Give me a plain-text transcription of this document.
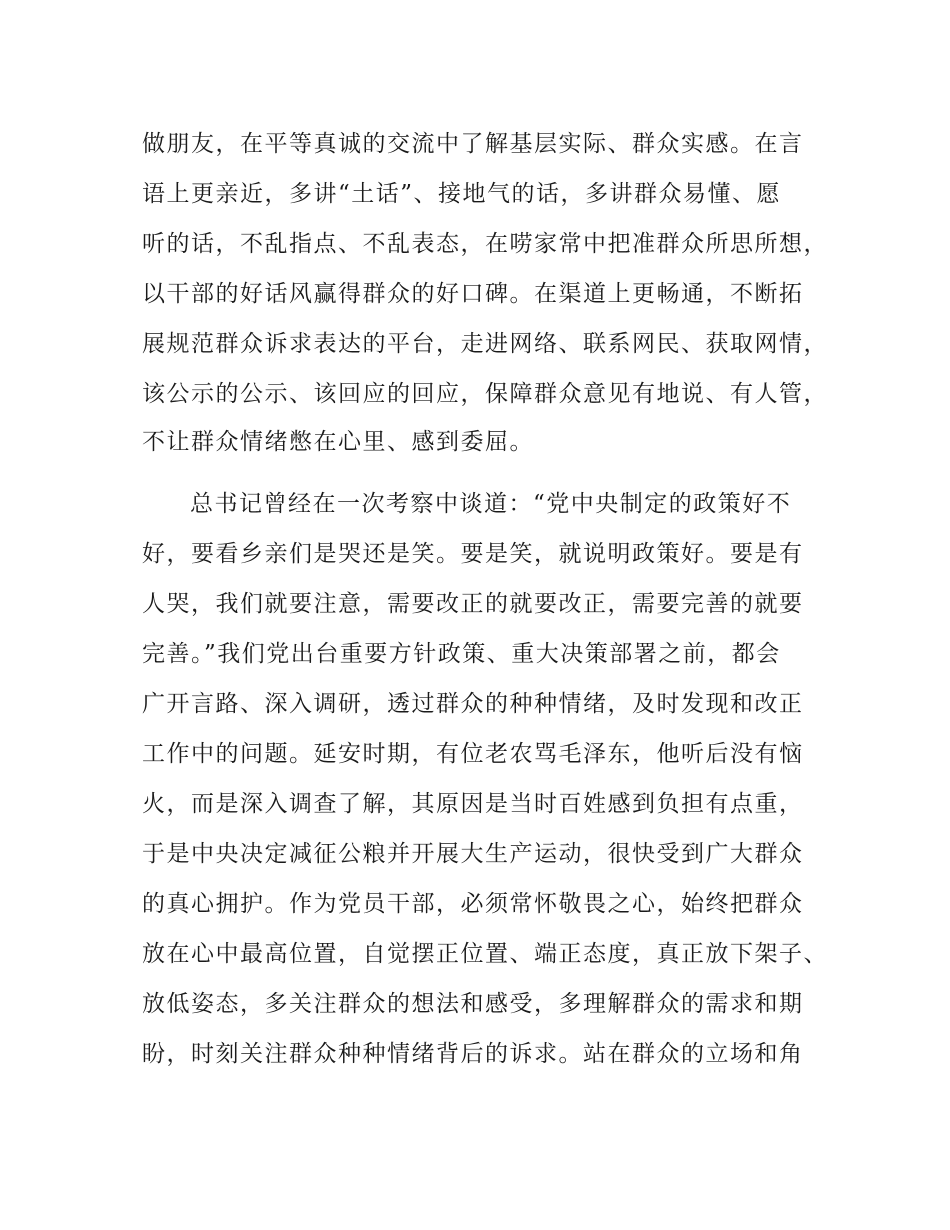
做朋友，在平等真诚的交流中了解基层实际、群众实感。在言
语上更亲近，多讲“土话”、接地气的话，多讲群众易懂、愿
听的话，不乱指点、不乱表态，在唠家常中把准群众所思所想，
以干部的好话风赢得群众的好口碑。在渠道上更畅通，不断拓
展规范群众诉求表达的平台，走进网络、联系网民、获取网情，
该公示的公示、该回应的回应，保障群众意见有地说、有人管，
不让群众情绪憋在心里、感到委屈。
总书记曾经在一次考察中谈道：“党中央制定的政策好不
好，要看乡亲们是哭还是笑。要是笑，就说明政策好。要是有
人哭，我们就要注意，需要改正的就要改正，需要完善的就要
完善。”我们党出台重要方针政策、重大决策部署之前，都会
广开言路、深入调研，透过群众的种种情绪，及时发现和改正
工作中的问题。延安时期，有位老农骂毛泽东，他听后没有恼
火，而是深入调查了解，其原因是当时百姓感到负担有点重，
于是中央决定减征公粮并开展大生产运动，很快受到广大群众
的真心拥护。作为党员干部，必须常怀敬畏之心，始终把群众
放在心中最高位置，自觉摆正位置、端正态度，真正放下架子、
放低姿态，多关注群众的想法和感受，多理解群众的需求和期
盼，时刻关注群众种种情绪背后的诉求。站在群众的立场和角
